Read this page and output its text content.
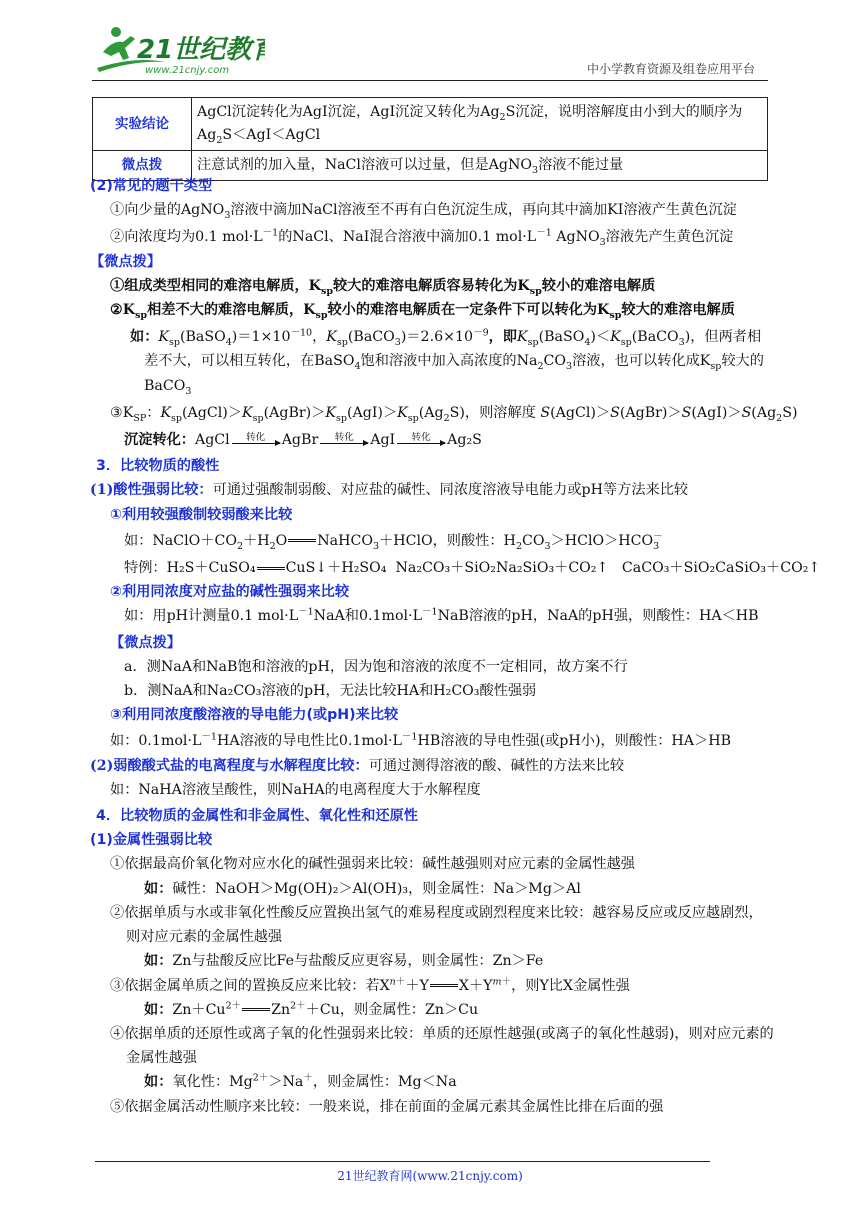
21世纪教育
www.21cnjy.com	中小学教育资源及组卷应用平台
实验结论	AgCl沉淀转化为AgI沉淀，AgI沉淀又转化为$Ag_2S$沉淀，说明溶解度由小到大的顺序为$Ag_2S<AgI<AgCl$
微点拨	注意试剂的加入量，NaCl溶液可以过量，但是AgNO$_3$溶液不能过量
(2)常见的题干类型
①向少量的AgNO$_3$溶液中滴加NaCl溶液至不再有白色沉淀生成，再向其中滴加KI溶液产生黄色沉淀
②向浓度均为0.1 $mol\cdot L^{-1}$的NaCl、NaI混合溶液中滴加0.1 $mol\cdot L^{-1}$ AgNO$_3$溶液先产生黄色沉淀
【微点拨】
①组成类型相同的难溶电解质，$K_{sp}$较大的难溶电解质容易转化为$K_{sp}$较小的难溶电解质
$②K_{sp}$相差不大的难溶电解质，$K_{sp}$较小的难溶电解质在一定条件下可以转化为$K_{sp}$较大的难溶电解质
如：$K_{sp}(BaSO_4)=1\times 10^{-10}$，$K_{sp}(BaCO_3)=2.6\times 10^{-9}$，即$K_{sp}(BaSO_4)<K_{sp}(BaCO_3)$，但两者相差不大，可以相互转化，在BaSO$_4$饱和溶液中加入高浓度的$Na_2CO_3$溶液，也可以转化成$K_{sp}$较大的BaCO$_3$
$③K_{SP}$：$K_{sp}(AgCl)>K_{sp}(AgBr)>K_{sp}(AgI)>K_{sp}(Ag_2S)$，则溶解度 $S(AgCl)>S(AgBr)>S(AgI)>S(Ag_2S)$
沉淀转化：AgCl	转化	AgBr	转化	AgI	转化	Ag₂S
3．比较物质的酸性
(1)酸性强弱比较：可通过强酸制弱酸、对应盐的碱性、同浓度溶液导电能力或pH等方法来比较
①利用较强酸制较弱酸来比较
如：$NaClO+CO_2+H_2O$ NaHCO$_3$＋HClO，则酸性：$H_2CO_3>HClO>HCO_3^-$
特例：H₂S＋CuSO₄ CuS↓＋H₂SO₄ Na₂CO₃＋SiO₂Na₂SiO₃＋CO₂↑ CaCO₃＋SiO₂CaSiO₃＋CO₂↑
②利用同浓度对应盐的碱性强弱来比较
如：用pH计测量0.1 $mol\cdot L^{-1}NaA$和$0.1mol\cdot L^{-1}NaB$溶液的pH，NaA的pH强，则酸性：HA＜HB
【微点拨】
a．测NaA和NaB饱和溶液的pH，因为饱和溶液的浓度不一定相同，故方案不行
b．测NaA和Na₂CO₃溶液的pH，无法比较HA和H₂CO₃酸性强弱
③利用同浓度酸溶液的导电能力(或pH)来比较
如：$0.1mol\cdot L^{-1}HA$溶液的导电性比$0.1mol\cdot L^{-1}HB$溶液的导电性强(或pH小)，则酸性：HA＞HB
(2)弱酸酸式盐的电离程度与水解程度比较：可通过测得溶液的酸、碱性的方法来比较
如：NaHA溶液呈酸性，则NaHA的电离程度大于水解程度
4．比较物质的金属性和非金属性、氧化性和还原性
(1)金属性强弱比较
①依据最高价氧化物对应水化的碱性强弱来比较：碱性越强则对应元素的金属性越强
如：碱性：NaOH＞Mg(OH)₂＞Al(OH)₃，则金属性：Na＞Mg＞Al
②依据单质与水或非氧化性酸反应置换出氢气的难易程度或剧烈程度来比较：越容易反应或反应越剧烈，则对应元素的金属性越强
如：Zn与盐酸反应比Fe与盐酸反应更容易，则金属性：Zn＞Fe
③依据金属单质之间的置换反应来比较：若$X^{n+}+Y$ $X+Y^{m+}$，则Y比X金属性强
如：$Zn+Cu^{2+}$ $Zn^{2+}+Cu$，则金属性：Zn＞Cu
④依据单质的还原性或离子氧的化性强弱来比较：单质的还原性越强(或离子的氧化性越弱)，则对应元素的金属性越强
如：氧化性：$Mg^{2+}>Na^+$，则金属性：Mg＜Na
⑤依据金属活动性顺序来比较：一般来说，排在前面的金属元素其金属性比排在后面的强
21世纪教育网(www.21cnjy.com)
